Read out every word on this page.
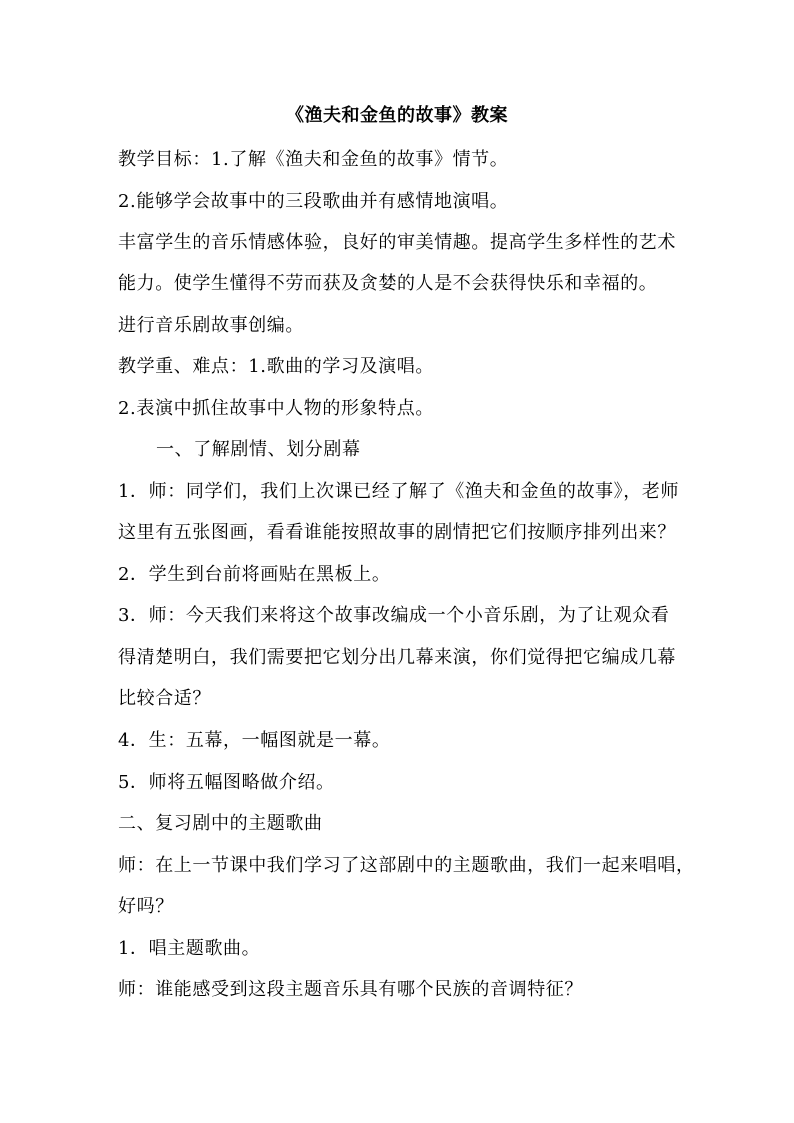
《渔夫和金鱼的故事》教案
教学目标：1.了解《渔夫和金鱼的故事》情节。
2.能够学会故事中的三段歌曲并有感情地演唱。
丰富学生的音乐情感体验，良好的审美情趣。提高学生多样性的艺术
能力。使学生懂得不劳而获及贪婪的人是不会获得快乐和幸福的。
进行音乐剧故事创编。
教学重、难点：1.歌曲的学习及演唱。
2.表演中抓住故事中人物的形象特点。
一、了解剧情、划分剧幕
1．师：同学们，我们上次课已经了解了《渔夫和金鱼的故事》，老师
这里有五张图画，看看谁能按照故事的剧情把它们按顺序排列出来？
2．学生到台前将画贴在黑板上。
3．师：今天我们来将这个故事改编成一个小音乐剧，为了让观众看
得清楚明白，我们需要把它划分出几幕来演，你们觉得把它编成几幕
比较合适？
4．生：五幕，一幅图就是一幕。
5．师将五幅图略做介绍。
二、复习剧中的主题歌曲
师：在上一节课中我们学习了这部剧中的主题歌曲，我们一起来唱唱，
好吗？
1．唱主题歌曲。
师：谁能感受到这段主题音乐具有哪个民族的音调特征？
